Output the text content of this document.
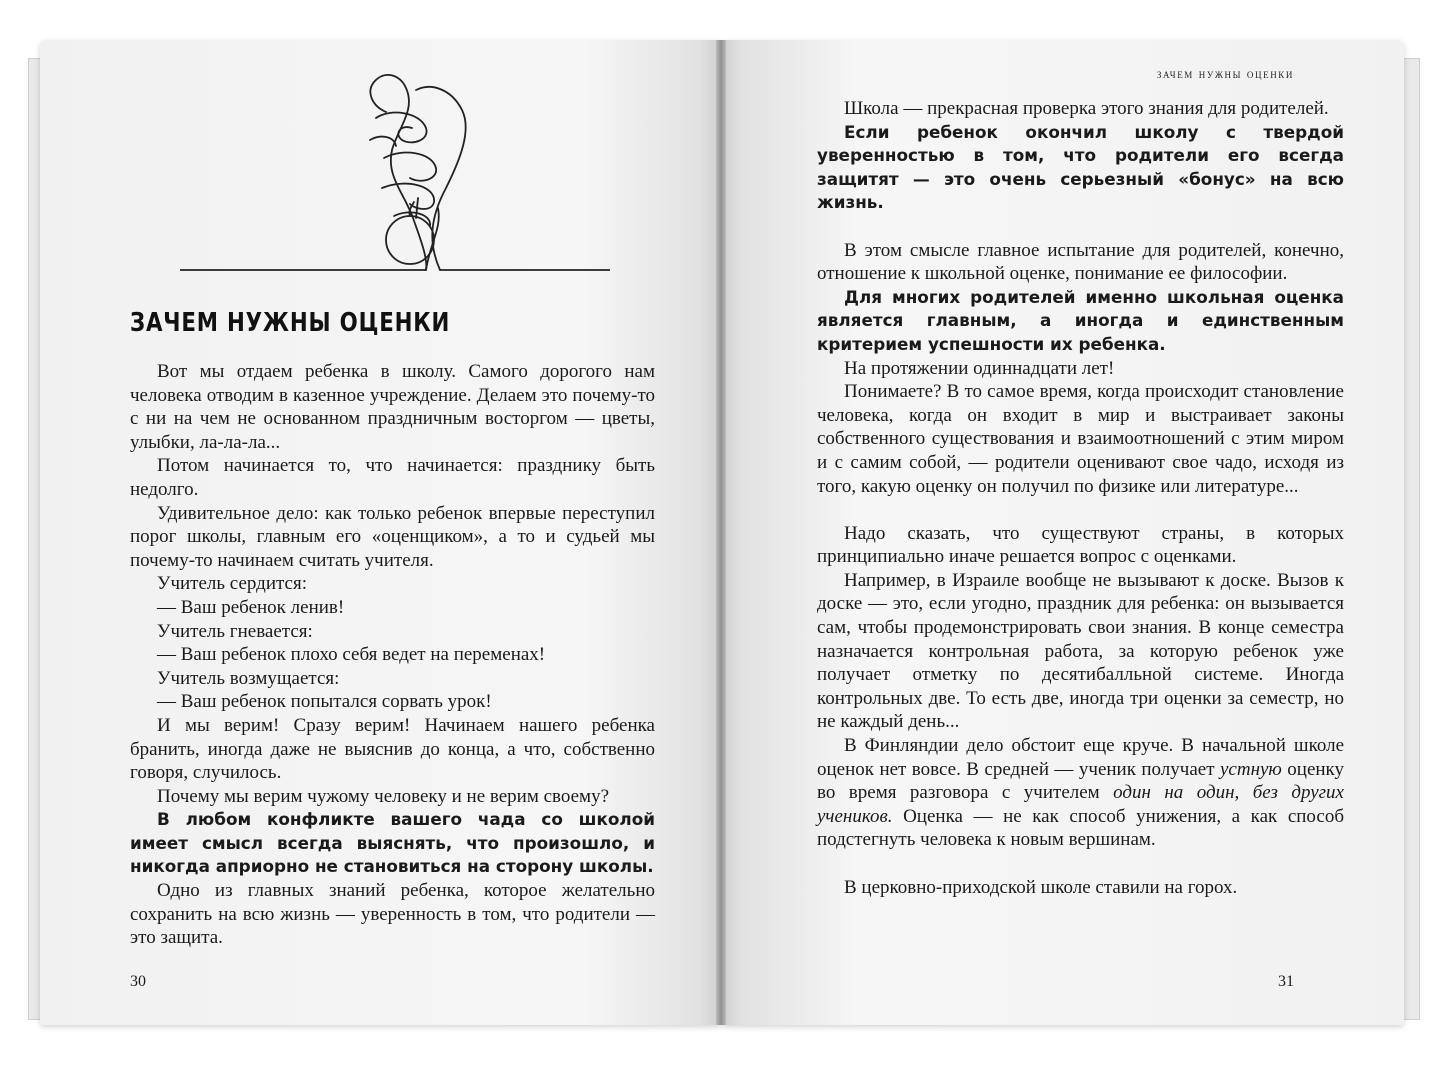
ЗАЧЕМ НУЖНЫ ОЦЕНКИ

Вот мы отдаем ребенка в школу. Самого дорогого нам человека отводим в казенное учреждение. Делаем это почему-то с ни на чем не основанном праздничным восторгом — цветы, улыбки, ла-ла-ла...

Потом начинается то, что начинается: празднику быть недолго.

Удивительное дело: как только ребенок впервые переступил порог школы, главным его «оценщиком», а то и судьей мы почему-то начинаем считать учителя.

Учитель сердится:

— Ваш ребенок ленив!

Учитель гневается:

— Ваш ребенок плохо себя ведет на переменах!

Учитель возмущается:

— Ваш ребенок попытался сорвать урок!

И мы верим! Сразу верим! Начинаем нашего ребенка бранить, иногда даже не выяснив до конца, а что, собственно говоря, случилось.

Почему мы верим чужому человеку и не верим своему?

В любом конфликте вашего чада со школой имеет смысл всегда выяснять, что произошло, и никогда априорно не становиться на сторону школы.

Одно из главных знаний ребенка, которое желательно сохранить на всю жизнь — уверенность в том, что родители — это защита.

30
зачем нужны оценки

Школа — прекрасная проверка этого знания для родителей.

Если ребенок окончил школу с твердой уверенностью в том, что родители его всегда защитят — это очень серьезный «бонус» на всю жизнь.

В этом смысле главное испытание для родителей, конечно, отношение к школьной оценке, понимание ее философии.

Для многих родителей именно школьная оценка является главным, а иногда и единственным критерием успешности их ребенка.

На протяжении одиннадцати лет!

Понимаете? В то самое время, когда происходит становление человека, когда он входит в мир и выстраивает законы собственного существования и взаимоотношений с этим миром и с самим собой, — родители оценивают свое чадо, исходя из того, какую оценку он получил по физике или литературе...

Надо сказать, что существуют страны, в которых принципиально иначе решается вопрос с оценками.

Например, в Израиле вообще не вызывают к доске. Вызов к доске — это, если угодно, праздник для ребенка: он вызывается сам, чтобы продемонстрировать свои знания. В конце семестра назначается контрольная работа, за которую ребенок уже получает отметку по десятибалльной системе. Иногда контрольных две. То есть две, иногда три оценки за семестр, но не каждый день...

В Финляндии дело обстоит еще круче. В начальной школе оценок нет вовсе. В средней — ученик получает устную оценку во время разговора с учителем один на один, без других учеников. Оценка — не как способ унижения, а как способ подстегнуть человека к новым вершинам.

В церковно-приходской школе ставили на горох.

31
